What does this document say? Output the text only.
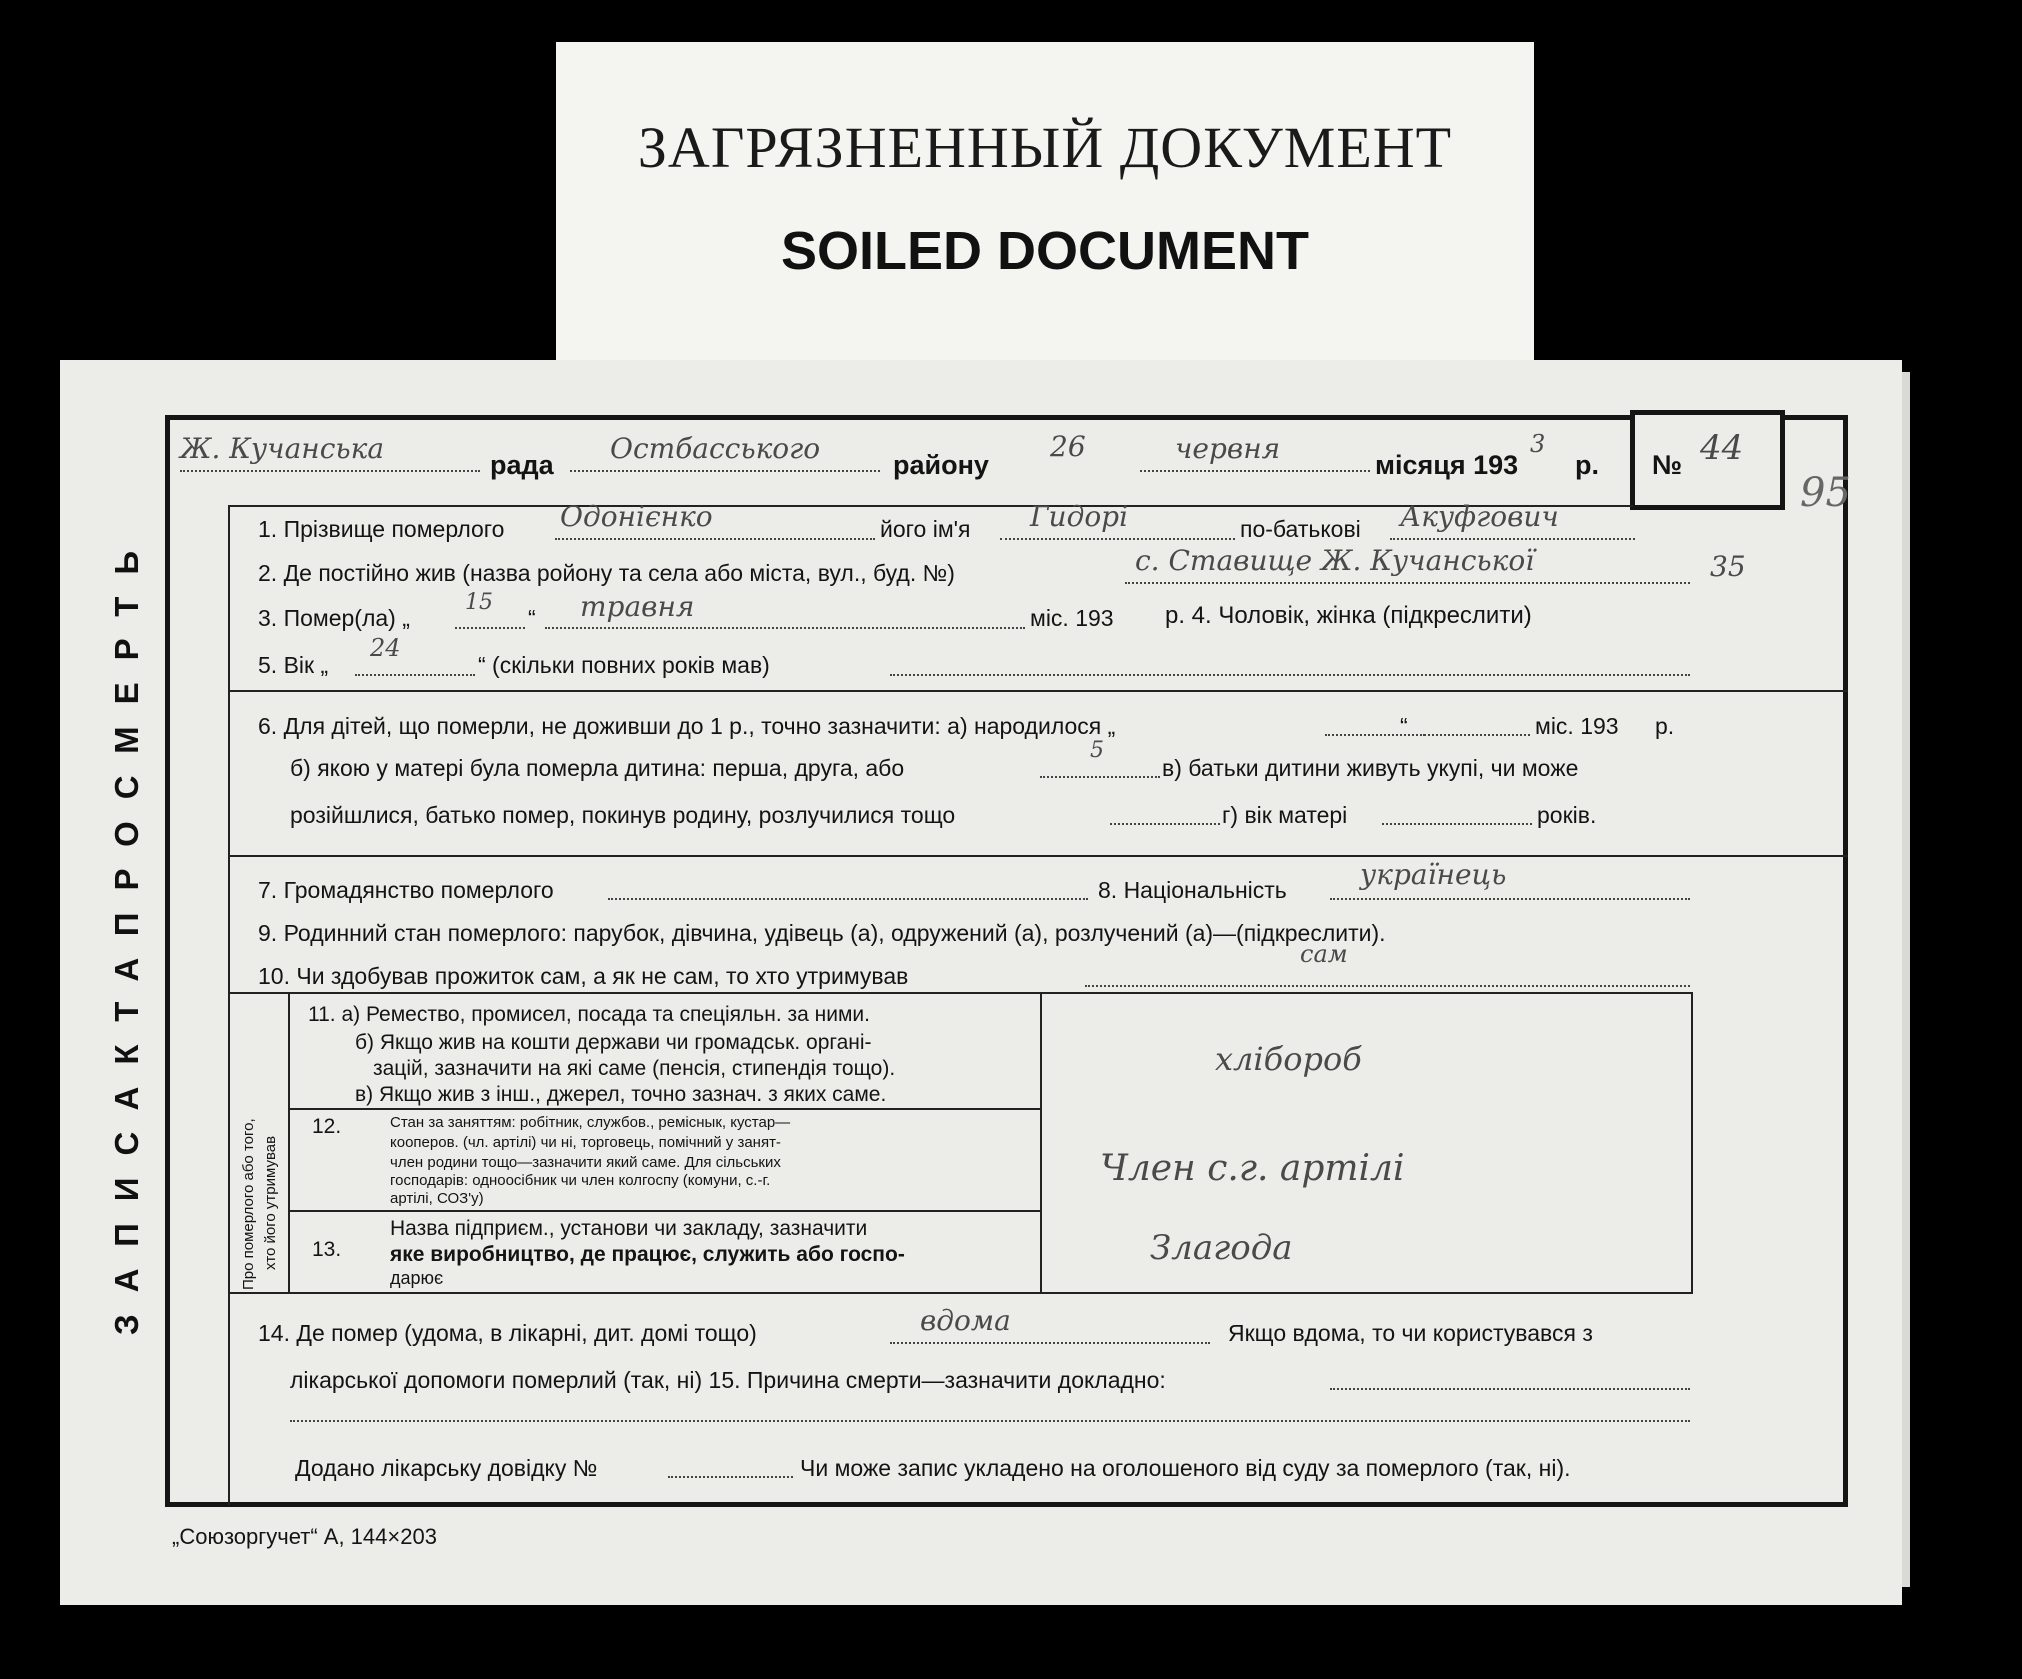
ЗАГРЯЗНЕННЫЙ ДОКУМЕНТ
SOILED DOCUMENT
ЗАПИСАКТАПРОСМЕРТЬ
Ж. Кучанська	рада Остбасського	району
26	червня	місяця 193
3
р. № 44
95
1. Прізвище померлого Одонієнко	його ім'я Гидорі	по-батькові Акуфгович
2. Де постійно жив (назва ройону та села або міста, вул., буд. №)	с. Ставище Ж. Кучанської	35
3. Помер(ла) „
15
“ травня	міс. 193 р. 4. Чоловік, жінка (підкреслити)
5. Вік „
24
“ (скільки повних років мав)
6. Для дітей, що померли, не доживши до 1 р., точно зазначити: а) народилося „	“	міс. 193 р.
б) якою у матері була померла дитина: перша, друга, або
5
в) батьки дитини живуть укупі, чи може
розійшлися, батько помер, покинув родину, розлучилися тощо	г) вік матері	років.
7. Громадянство померлого	8. Національність	українець
9. Родинний стан померлого: парубок, дівчина, удівець (а), одружений (а), розлучений (а)—(підкреслити).
10. Чи здобував прожиток сам, а як не сам, то хто утримував
сам
Про померлого або того, хто його утримував
11. а) Ремество, промисел, посада та спеціяльн. за ними.
б) Якщо жив на кошти держави чи громадськ. органi-
зацій, зазначити на які саме (пенсія, стипендія тощо).
в) Якщо жив з інш., джерел, точно зазнач. з яких саме.
хлібороб
12.	Стан за заняттям: робітник, службов., реміснык, кустар—
кооперов. (чл. артілі) чи ні, торговець, помічний у занят-
член родини тощо—зазначити який саме. Для сільських
господарів: одноосібник чи член колгоспу (комуни, с.-г.
артілі, СОЗ'у)
Член с.г. артілі
13.
Назва підприєм., установи чи закладу, зазначити
яке виробництво, де працює, служить або госпо-
дарює
Злагода
14. Де помер (удома, в лікарні, дит. домі тощо)	вдома	Якщо вдома, то чи користувався з
лікарської допомоги померлий (так, ні) 15. Причина смерти—зазначити докладно:
Додано лікарську довідку №	Чи може запис укладено на оголошеного від суду за померлого (так, ні).
„Союзоргучет“ А, 144×203
